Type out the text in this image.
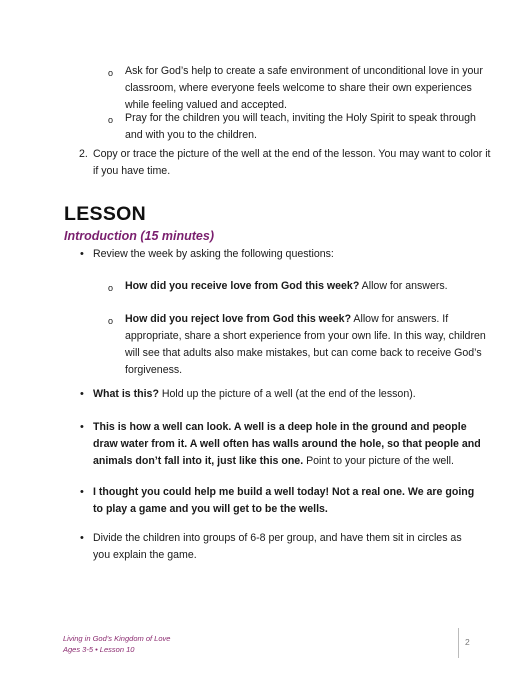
o Ask for God’s help to create a safe environment of unconditional love in your classroom, where everyone feels welcome to share their own experiences while feeling valued and accepted.
o Pray for the children you will teach, inviting the Holy Spirit to speak through and with you to the children.
2. Copy or trace the picture of the well at the end of the lesson. You may want to color it if you have time.
LESSON
Introduction (15 minutes)
• Review the week by asking the following questions:
o How did you receive love from God this week? Allow for answers.
o How did you reject love from God this week? Allow for answers. If appropriate, share a short experience from your own life. In this way, children will see that adults also make mistakes, but can come back to receive God’s forgiveness.
• What is this? Hold up the picture of a well (at the end of the lesson).
• This is how a well can look. A well is a deep hole in the ground and people draw water from it. A well often has walls around the hole, so that people and animals don’t fall into it, just like this one. Point to your picture of the well.
• I thought you could help me build a well today! Not a real one. We are going to play a game and you will get to be the wells.
• Divide the children into groups of 6-8 per group, and have them sit in circles as you explain the game.
Living in God’s Kingdom of Love
Ages 3-5 • Lesson 10
2
